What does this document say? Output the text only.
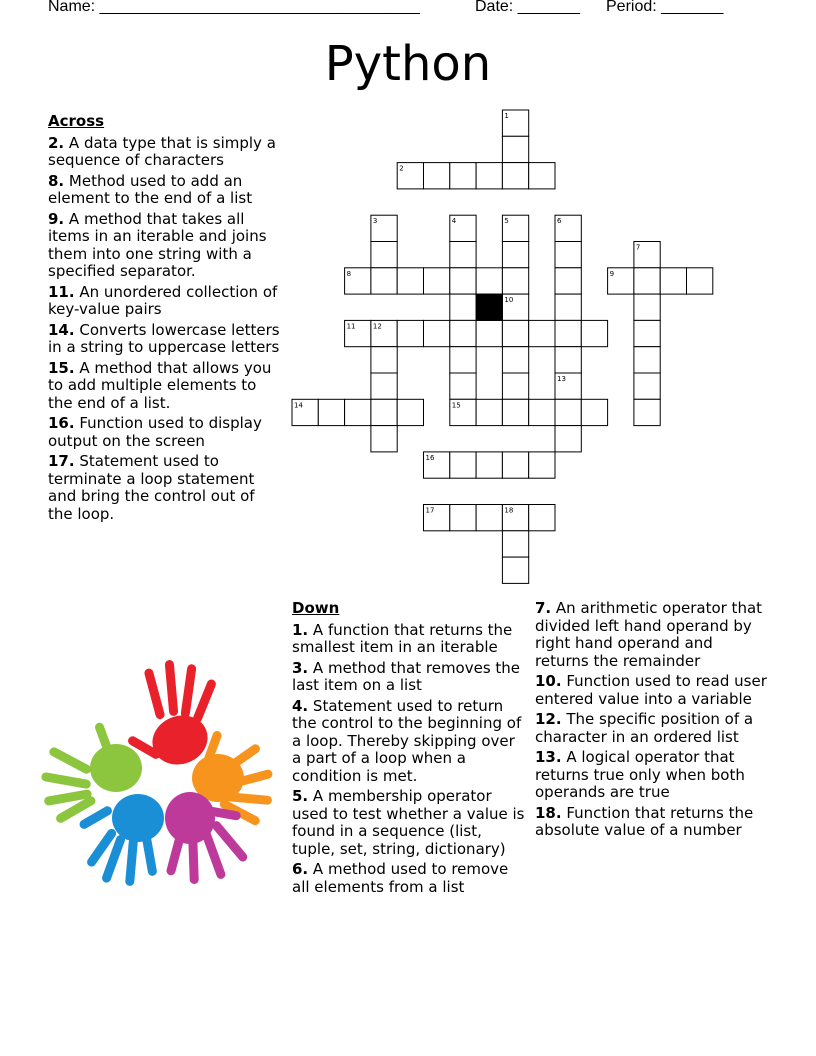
Name: ____________________________________	Date: _______ Period: _______
Python
Across
2. A data type that is simply a sequence of characters
8. Method used to add an element to the end of a list
9. A method that takes all items in an iterable and joins them into one string with a specified separator.
11. An unordered collection of key-value pairs
14. Converts lowercase letters in a string to uppercase letters
15. A method that allows you to add multiple elements to the end of a list.
16. Function used to display output on the screen
17. Statement used to terminate a loop statement and bring the control out of the loop.
Down
1. A function that returns the smallest item in an iterable
3. A method that removes the last item on a list
4. Statement used to return the control to the beginning of a loop. Thereby skipping over a part of a loop when a condition is met.
5. A membership operator used to test whether a value is found in a sequence (list, tuple, set, string, dictionary)
6. A method used to remove all elements from a list
7. An arithmetic operator that divided left hand operand by right hand operand and returns the remainder
10. Function used to read user entered value into a variable
12. The specific position of a character in an ordered list
13. A logical operator that returns true only when both operands are true
18. Function that returns the absolute value of a number
1
2
3	4	5	6
7
8	9
10
11 12
13
14	15
16
17	18
